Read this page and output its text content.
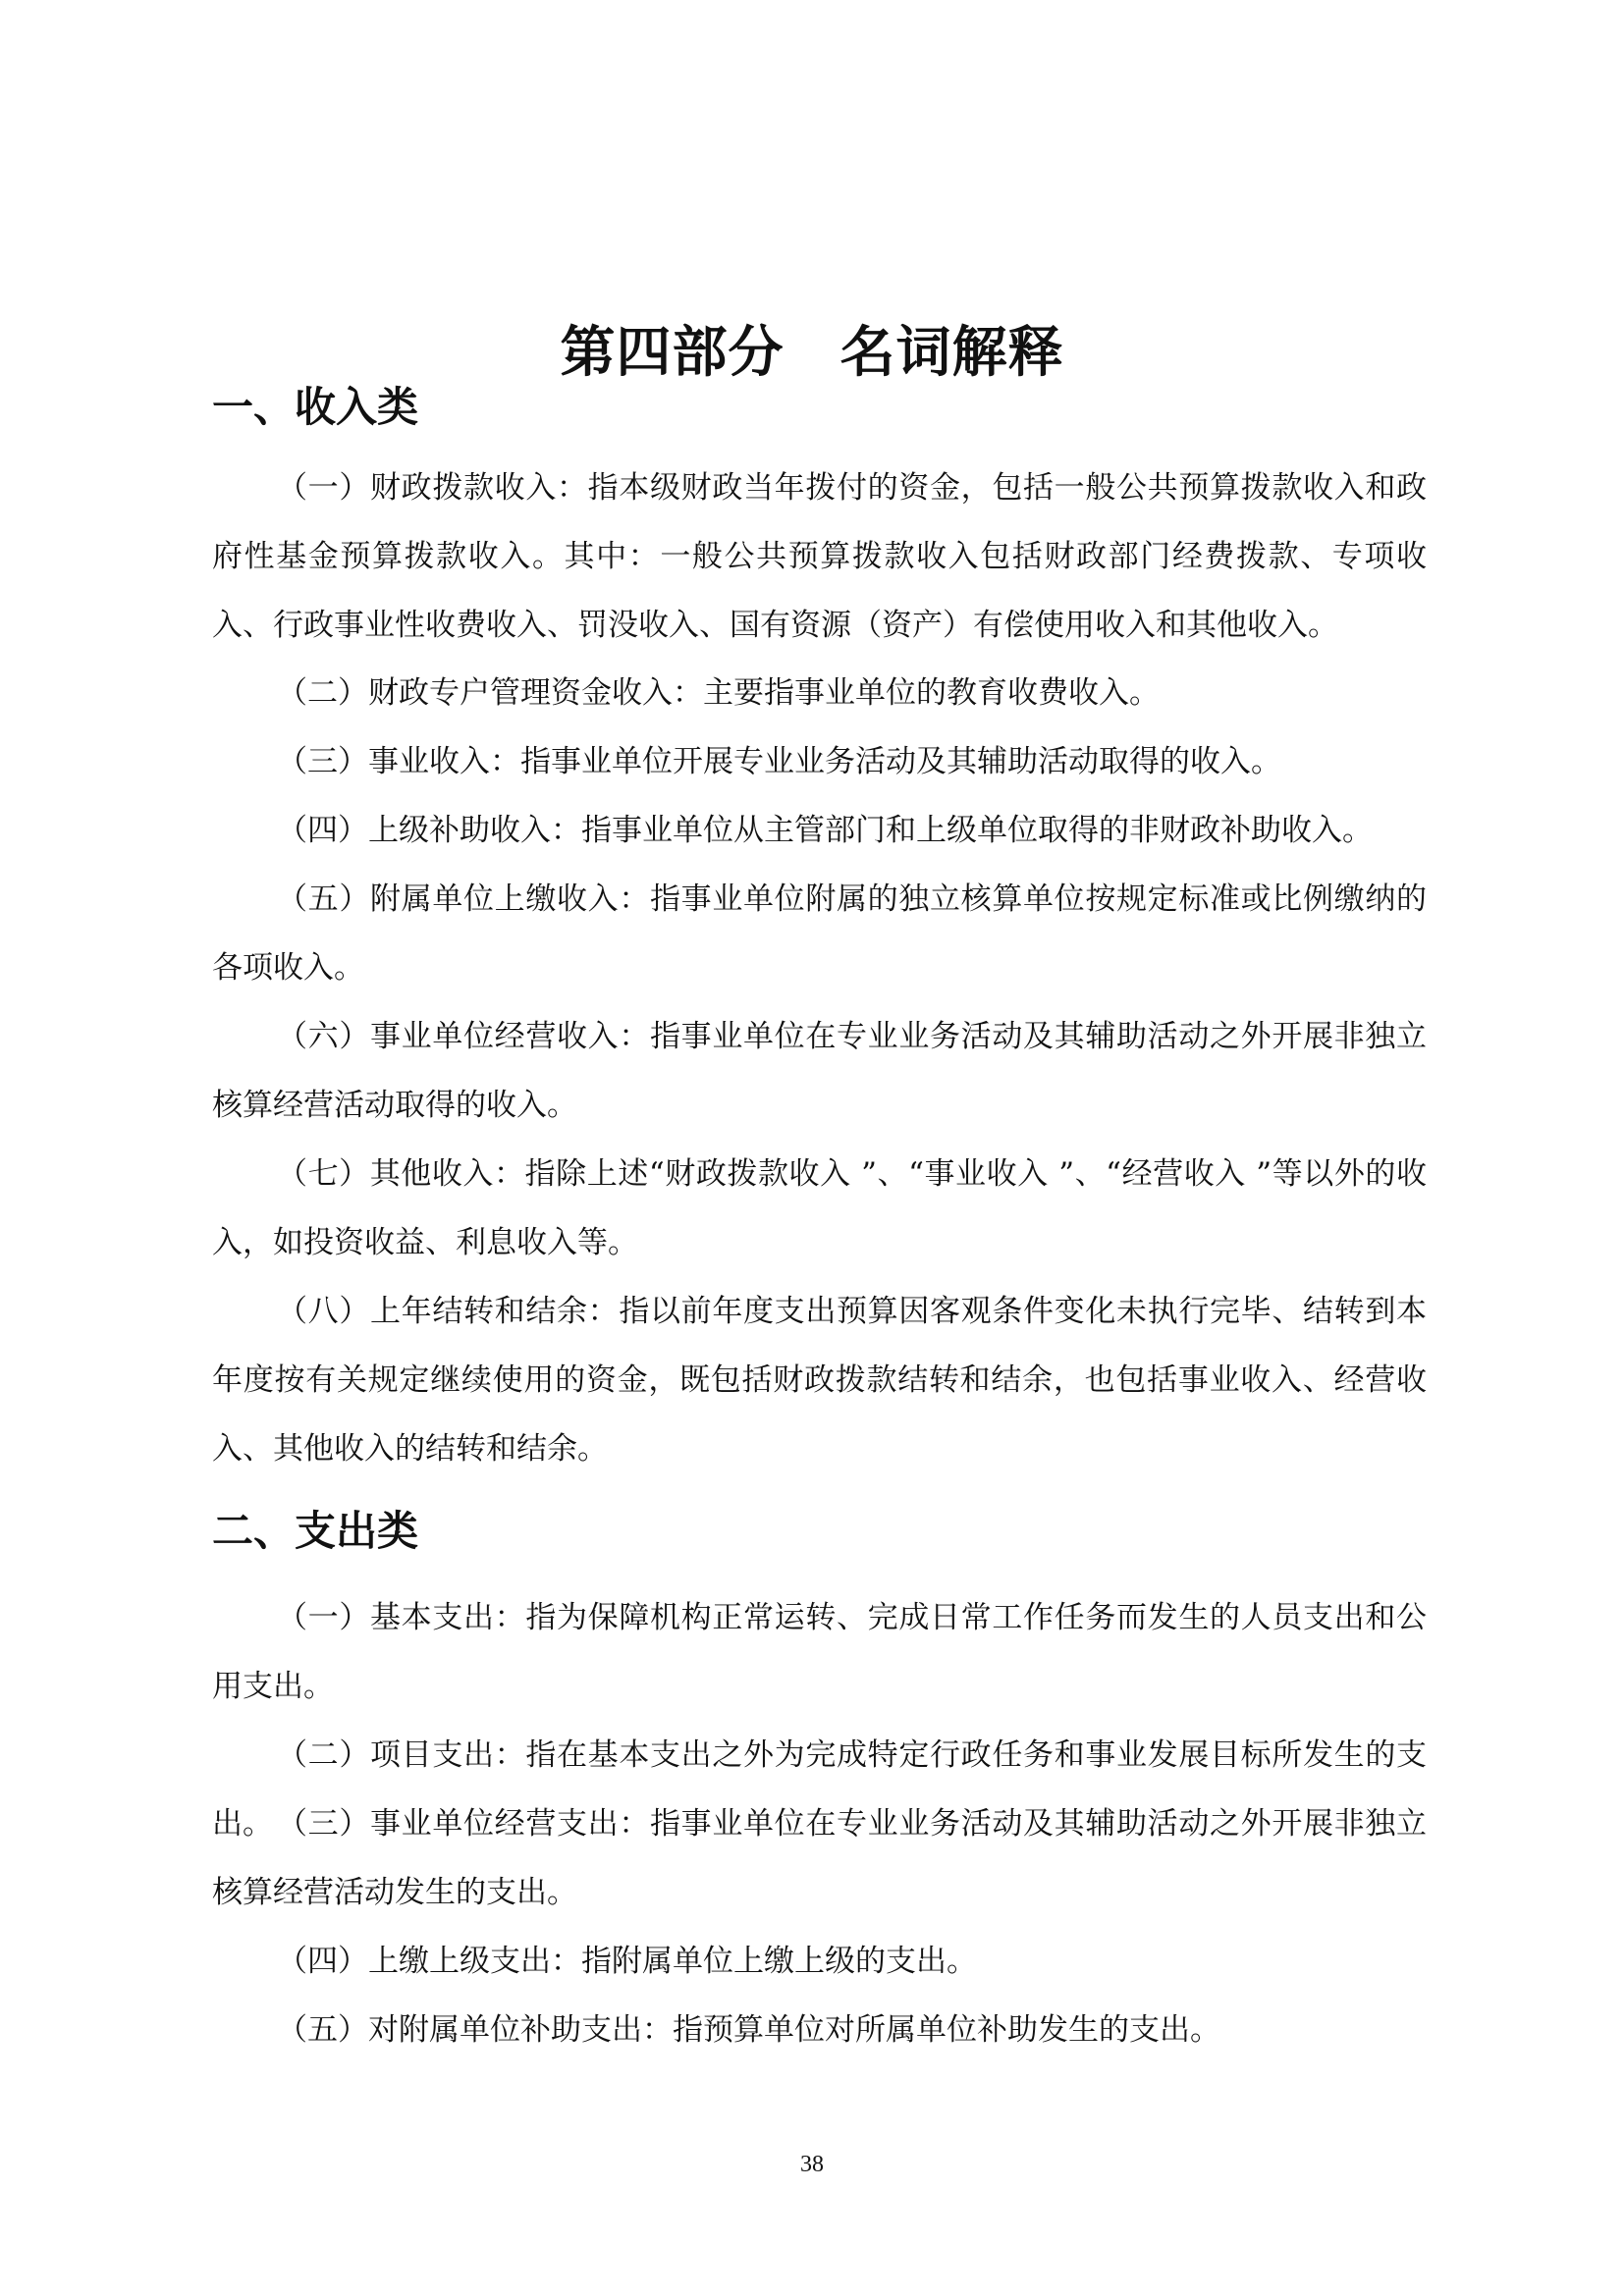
第四部分　名词解释
一、收入类

（一）财政拨款收入：指本级财政当年拨付的资金，包括一般公共预算拨款收入和政府性基金预算拨款收入。其中：一般公共预算拨款收入包括财政部门经费拨款、专项收入、行政事业性收费收入、罚没收入、国有资源（资产）有偿使用收入和其他收入。

（二）财政专户管理资金收入：主要指事业单位的教育收费收入。

（三）事业收入：指事业单位开展专业业务活动及其辅助活动取得的收入。

（四）上级补助收入：指事业单位从主管部门和上级单位取得的非财政补助收入。

（五）附属单位上缴收入：指事业单位附属的独立核算单位按规定标准或比例缴纳的各项收入。

（六）事业单位经营收入：指事业单位在专业业务活动及其辅助活动之外开展非独立核算经营活动取得的收入。

（七）其他收入：指除上述“财政拨款收入 ”、“事业收入 ”、“经营收入 ”等以外的收入，如投资收益、利息收入等。

（八）上年结转和结余：指以前年度支出预算因客观条件变化未执行完毕、结转到本年度按有关规定继续使用的资金，既包括财政拨款结转和结余，也包括事业收入、经营收入、其他收入的结转和结余。

二、支出类

（一）基本支出：指为保障机构正常运转、完成日常工作任务而发生的人员支出和公用支出。

（二）项目支出：指在基本支出之外为完成特定行政任务和事业发展目标所发生的支出。 （三）事业单位经营支出：指事业单位在专业业务活动及其辅助活动之外开展非独立核算经营活动发生的支出。

（四）上缴上级支出：指附属单位上缴上级的支出。

（五）对附属单位补助支出：指预算单位对所属单位补助发生的支出。

38
